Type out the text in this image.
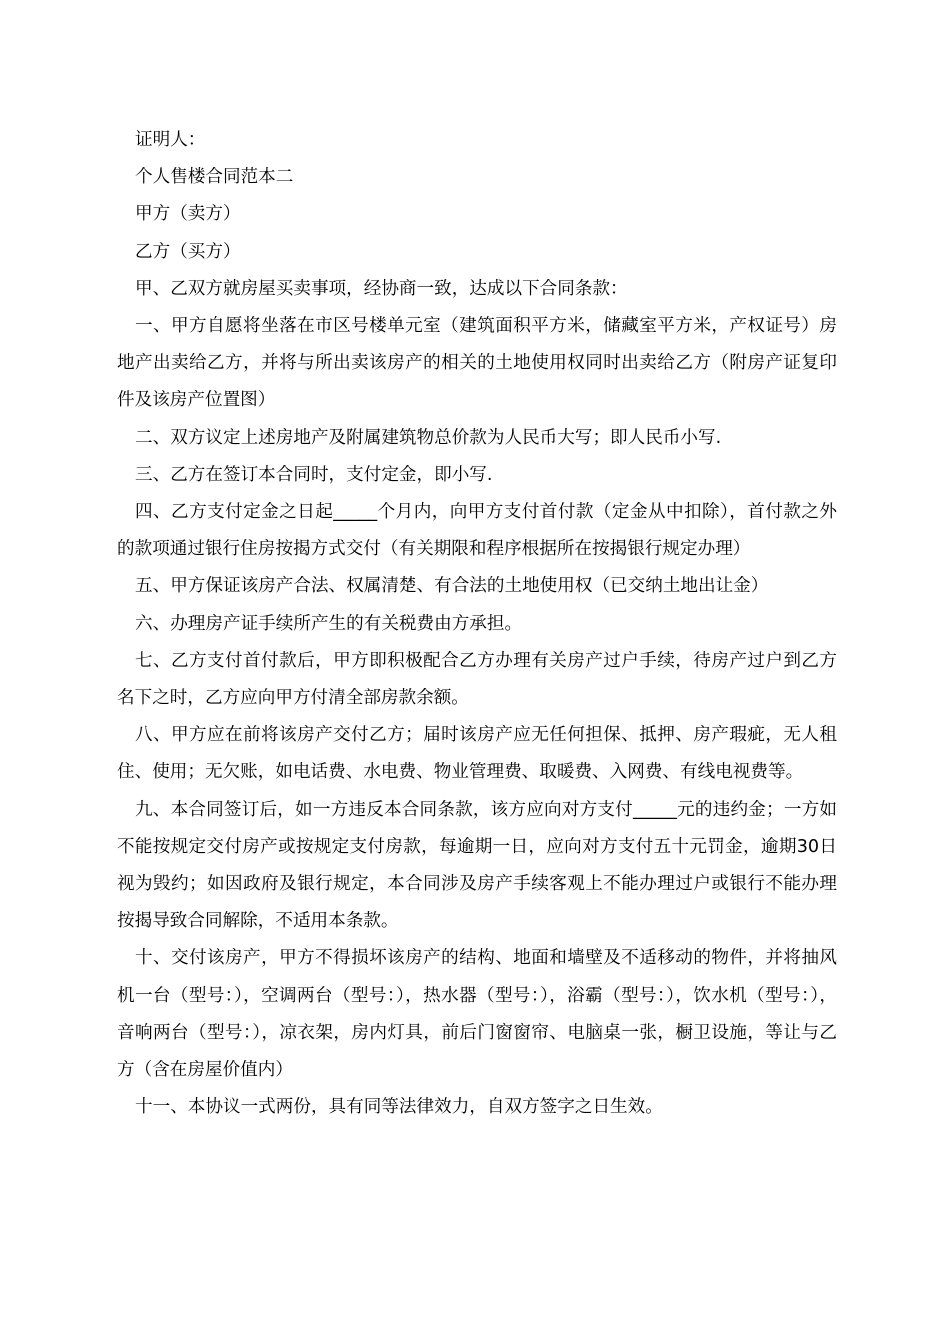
证明人：

个人售楼合同范本二

甲方（卖方）

乙方（买方）

甲、乙双方就房屋买卖事项，经协商一致，达成以下合同条款：

一、甲方自愿将坐落在市区号楼单元室（建筑面积平方米，储藏室平方米，产权证号）房地产出卖给乙方，并将与所出卖该房产的相关的土地使用权同时出卖给乙方（附房产证复印件及该房产位置图）

二、双方议定上述房地产及附属建筑物总价款为人民币大写；即人民币小写.

三、乙方在签订本合同时，支付定金，即小写.

四、乙方支付定金之日起_____个月内，向甲方支付首付款（定金从中扣除），首付款之外的款项通过银行住房按揭方式交付（有关期限和程序根据所在按揭银行规定办理）

五、甲方保证该房产合法、权属清楚、有合法的土地使用权（已交纳土地出让金）

六、办理房产证手续所产生的有关税费由方承担。

七、乙方支付首付款后，甲方即积极配合乙方办理有关房产过户手续，待房产过户到乙方名下之时，乙方应向甲方付清全部房款余额。

八、甲方应在前将该房产交付乙方；届时该房产应无任何担保、抵押、房产瑕疵，无人租住、使用；无欠账，如电话费、水电费、物业管理费、取暖费、入网费、有线电视费等。

九、本合同签订后，如一方违反本合同条款，该方应向对方支付_____元的违约金；一方如不能按规定交付房产或按规定支付房款，每逾期一日，应向对方支付五十元罚金，逾期30日视为毁约；如因政府及银行规定，本合同涉及房产手续客观上不能办理过户或银行不能办理按揭导致合同解除，不适用本条款。

十、交付该房产，甲方不得损坏该房产的结构、地面和墙壁及不适移动的物件，并将抽风机一台（型号：），空调两台（型号：），热水器（型号：），浴霸（型号：），饮水机（型号：），音响两台（型号：），凉衣架，房内灯具，前后门窗窗帘、电脑桌一张，橱卫设施，等让与乙方（含在房屋价值内）

十一、本协议一式两份，具有同等法律效力，自双方签字之日生效。
